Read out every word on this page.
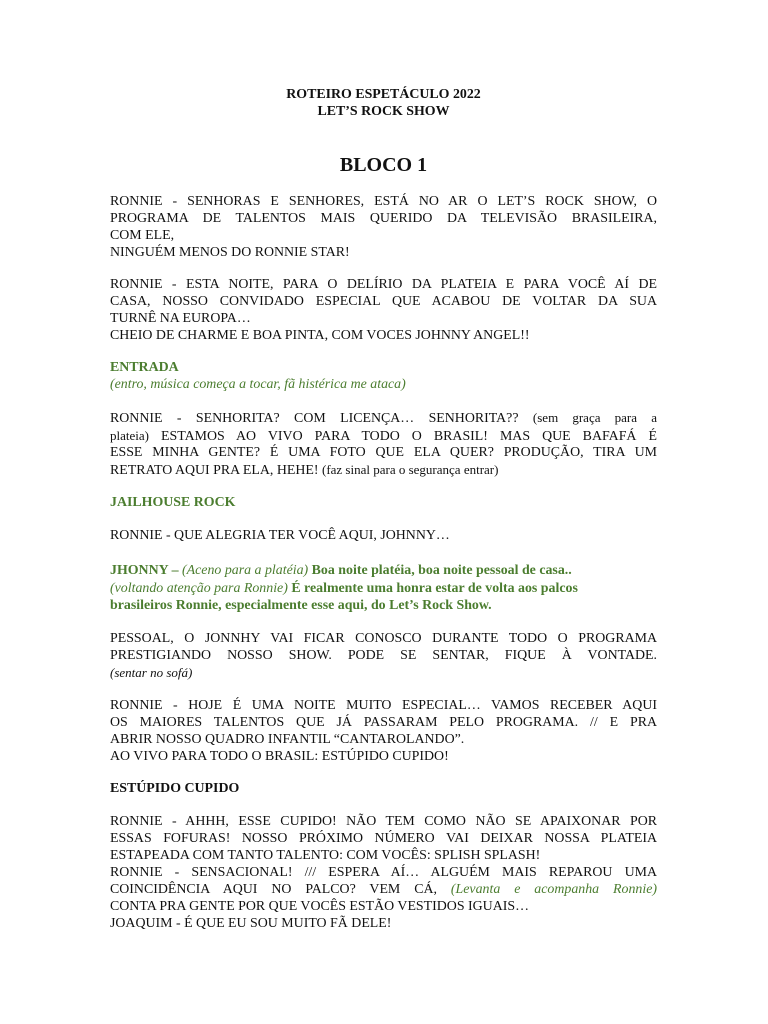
ROTEIRO ESPETÁCULO 2022
LET’S ROCK SHOW
BLOCO 1
RONNIE - SENHORAS E SENHORES, ESTÁ NO AR O LET’S ROCK SHOW, O
PROGRAMA DE TALENTOS MAIS QUERIDO DA TELEVISÃO BRASILEIRA,
COM ELE,
NINGUÉM MENOS DO RONNIE STAR!
RONNIE - ESTA NOITE, PARA O DELÍRIO DA PLATEIA E PARA VOCÊ AÍ DE
CASA, NOSSO CONVIDADO ESPECIAL QUE ACABOU DE VOLTAR DA SUA
TURNÊ NA EUROPA…
CHEIO DE CHARME E BOA PINTA, COM VOCES JOHNNY ANGEL!!
ENTRADA
(entro, música começa a tocar, fã histérica me ataca)
RONNIE - SENHORITA? COM LICENÇA… SENHORITA?? (sem graça para a
plateia) ESTAMOS AO VIVO PARA TODO O BRASIL! MAS QUE BAFAFÁ É
ESSE MINHA GENTE? É UMA FOTO QUE ELA QUER? PRODUÇÃO, TIRA UM
RETRATO AQUI PRA ELA, HEHE! (faz sinal para o segurança entrar)
JAILHOUSE ROCK
RONNIE - QUE ALEGRIA TER VOCÊ AQUI, JOHNNY…
JHONNY – (Aceno para a platéia) Boa noite platéia, boa noite pessoal de casa..
(voltando atenção para Ronnie) É realmente uma honra estar de volta aos palcos
brasileiros Ronnie, especialmente esse aqui, do Let’s Rock Show.
PESSOAL, O JONNHY VAI FICAR CONOSCO DURANTE TODO O PROGRAMA
PRESTIGIANDO NOSSO SHOW. PODE SE SENTAR, FIQUE À VONTADE.
(sentar no sofá)
RONNIE - HOJE É UMA NOITE MUITO ESPECIAL… VAMOS RECEBER AQUI
OS MAIORES TALENTOS QUE JÁ PASSARAM PELO PROGRAMA. // E PRA
ABRIR NOSSO QUADRO INFANTIL “CANTAROLANDO”.
AO VIVO PARA TODO O BRASIL: ESTÚPIDO CUPIDO!
ESTÚPIDO CUPIDO
RONNIE - AHHH, ESSE CUPIDO! NÃO TEM COMO NÃO SE APAIXONAR POR
ESSAS FOFURAS! NOSSO PRÓXIMO NÚMERO VAI DEIXAR NOSSA PLATEIA
ESTAPEADA COM TANTO TALENTO: COM VOCÊS: SPLISH SPLASH!
RONNIE - SENSACIONAL! /// ESPERA AÍ… ALGUÉM MAIS REPAROU UMA
COINCIDÊNCIA AQUI NO PALCO? VEM CÁ, (Levanta e acompanha Ronnie)
CONTA PRA GENTE POR QUE VOCÊS ESTÃO VESTIDOS IGUAIS…
JOAQUIM - É QUE EU SOU MUITO FÃ DELE!
